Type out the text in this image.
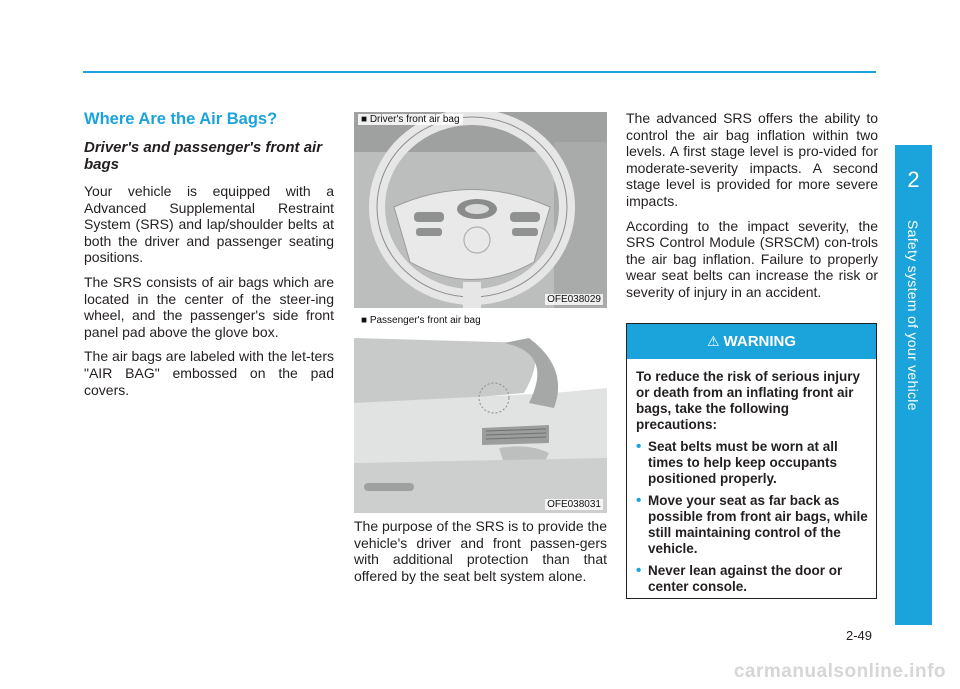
2
Safety system of your vehicle
Where Are the Air Bags?
Driver's and passenger's front air bags

Your vehicle is equipped with a Advanced Supplemental Restraint System (SRS) and lap/shoulder belts at both the driver and passenger seating positions.

The SRS consists of air bags which are located in the center of the steer-ing wheel, and the passenger's side front panel pad above the glove box.

The air bags are labeled with the let-ters "AIR BAG" embossed on the pad covers.

■ Driver's front air bag
OFE038029
■ Passenger's front air bag
OFE038031

The purpose of the SRS is to provide the vehicle's driver and front passen-gers with additional protection than that offered by the seat belt system alone.

The advanced SRS offers the ability to control the air bag inflation within two levels. A first stage level is pro-vided for moderate-severity impacts. A second stage level is provided for more severe impacts.

According to the impact severity, the SRS Control Module (SRSCM) con-trols the air bag inflation. Failure to properly wear seat belts can increase the risk or severity of injury in an accident.

⚠ WARNING

To reduce the risk of serious injury or death from an inflating front air bags, take the following precautions:

• Seat belts must be worn at all times to help keep occupants positioned properly.
• Move your seat as far back as possible from front air bags, while still maintaining control of the vehicle.
• Never lean against the door or center console.
2-49
carmanualsonline.info
